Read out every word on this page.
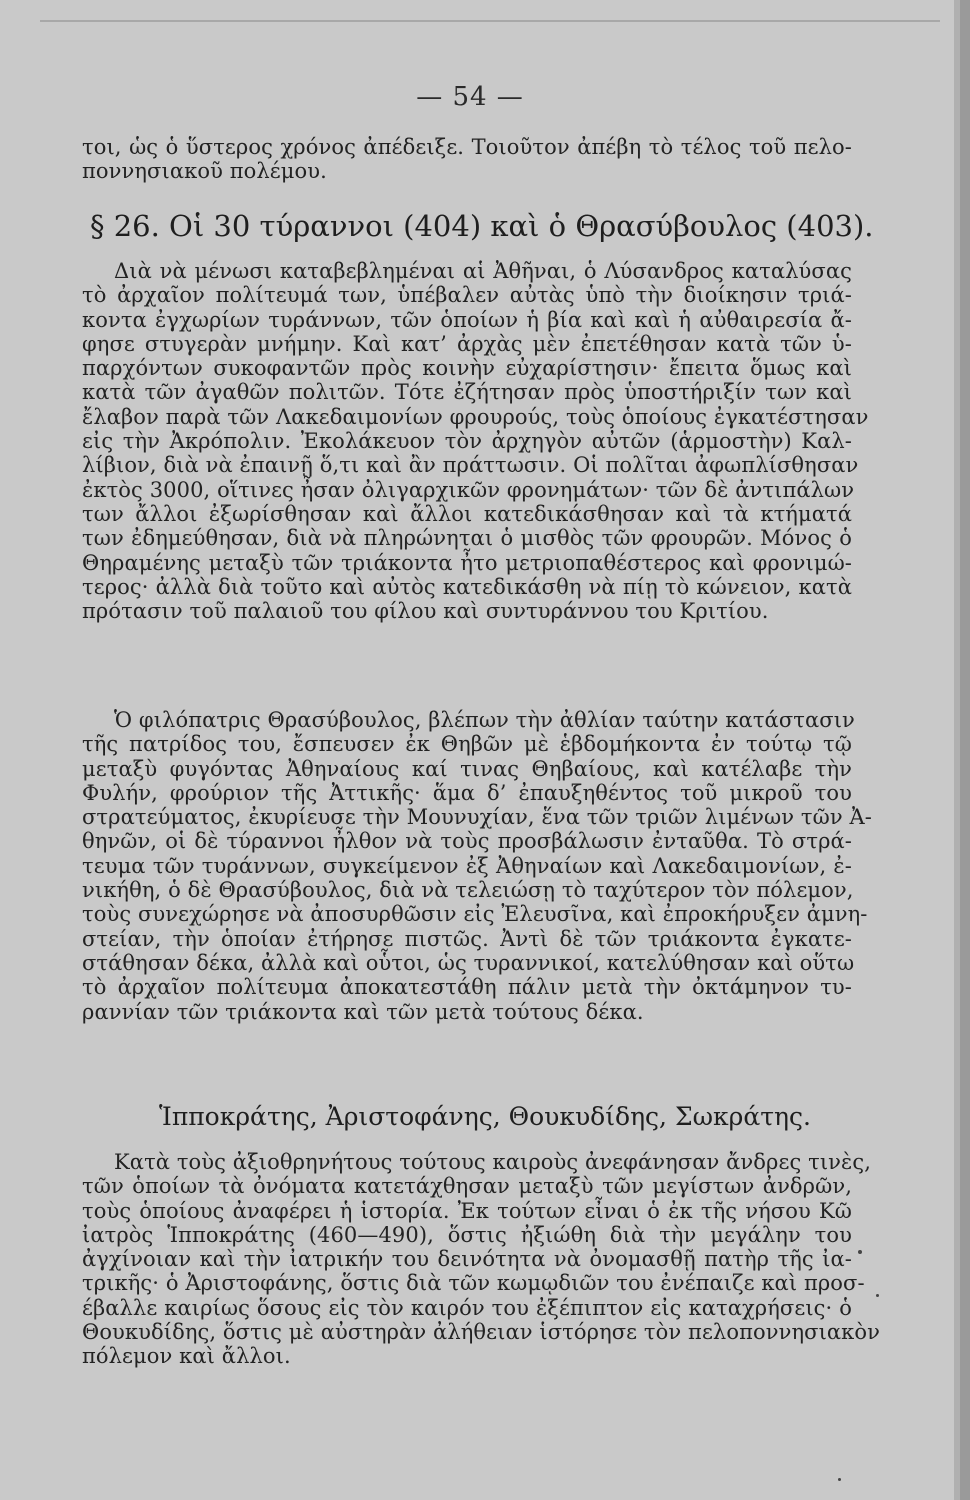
— 54 —
τοι, ὡς ὁ ὕστερος χρόνος ἀπέδειξε. Τοιοῦτον ἀπέβη τὸ τέλος τοῦ πελο-
ποννησιακοῦ πολέμου.
§ 26. Οἱ 30 τύραννοι (404) καὶ ὁ Θρασύβουλος (403).
Διὰ νὰ μένωσι καταβεβλημέναι αἱ Ἀθῆναι, ὁ Λύσανδρος καταλύσας
τὸ ἀρχαῖον πολίτευμά των, ὑπέβαλεν αὐτὰς ὑπὸ τὴν διοίκησιν τριά-
κοντα ἐγχωρίων τυράννων, τῶν ὁποίων ἡ βία καὶ καὶ ἡ αὐθαιρεσία ἄ-
φησε στυγερὰν μνήμην. Καὶ κατ’ ἀρχὰς μὲν ἐπετέθησαν κατὰ τῶν ὑ-
παρχόντων συκοφαντῶν πρὸς κοινὴν εὐχαρίστησιν· ἔπειτα ὅμως καὶ
κατὰ τῶν ἀγαθῶν πολιτῶν. Τότε ἐζήτησαν πρὸς ὑποστήριξίν των καὶ
ἔλαβον παρὰ τῶν Λακεδαιμονίων φρουρούς, τοὺς ὁποίους ἐγκατέστησαν
εἰς τὴν Ἀκρόπολιν. Ἐκολάκευον τὸν ἀρχηγὸν αὐτῶν (ἁρμοστὴν) Καλ-
λίβιον, διὰ νὰ ἐπαινῇ ὅ,τι καὶ ἂν πράττωσιν. Οἱ πολῖται ἀφωπλίσθησαν
ἐκτὸς 3000, οἵτινες ἦσαν ὀλιγαρχικῶν φρονημάτων· τῶν δὲ ἀντιπάλων
των ἄλλοι ἐξωρίσθησαν καὶ ἄλλοι κατεδικάσθησαν καὶ τὰ κτήματά
των ἐδημεύθησαν, διὰ νὰ πληρώνηται ὁ μισθὸς τῶν φρουρῶν. Μόνος ὁ
Θηραμένης μεταξὺ τῶν τριάκοντα ἦτο μετριοπαθέστερος καὶ φρονιμώ-
τερος· ἀλλὰ διὰ τοῦτο καὶ αὐτὸς κατεδικάσθη νὰ πίῃ τὸ κώνειον, κατὰ
πρότασιν τοῦ παλαιοῦ του φίλου καὶ συντυράννου του Κριτίου.
Ὁ φιλόπατρις Θρασύβουλος, βλέπων τὴν ἀθλίαν ταύτην κατάστασιν
τῆς πατρίδος του, ἔσπευσεν ἐκ Θηβῶν μὲ ἑβδομήκοντα ἐν τούτῳ τῷ
μεταξὺ φυγόντας Ἀθηναίους καί τινας Θηβαίους, καὶ κατέλαβε τὴν
Φυλήν, φρούριον τῆς Ἀττικῆς· ἅμα δ’ ἐπαυξηθέντος τοῦ μικροῦ του
στρατεύματος, ἐκυρίευσε τὴν Μουνυχίαν, ἕνα τῶν τριῶν λιμένων τῶν Ἀ-
θηνῶν, οἱ δὲ τύραννοι ἦλθον νὰ τοὺς προσβάλωσιν ἐνταῦθα. Τὸ στρά-
τευμα τῶν τυράννων, συγκείμενον ἐξ Ἀθηναίων καὶ Λακεδαιμονίων, ἐ-
νικήθη, ὁ δὲ Θρασύβουλος, διὰ νὰ τελειώσῃ τὸ ταχύτερον τὸν πόλεμον,
τοὺς συνεχώρησε νὰ ἀποσυρθῶσιν εἰς Ἐλευσῖνα, καὶ ἐπροκήρυξεν ἀμνη-
στείαν, τὴν ὁποίαν ἐτήρησε πιστῶς. Ἀντὶ δὲ τῶν τριάκοντα ἐγκατε-
στάθησαν δέκα, ἀλλὰ καὶ οὗτοι, ὡς τυραννικοί, κατελύθησαν καὶ οὕτω
τὸ ἀρχαῖον πολίτευμα ἀποκατεστάθη πάλιν μετὰ τὴν ὀκτάμηνον τυ-
ραννίαν τῶν τριάκοντα καὶ τῶν μετὰ τούτους δέκα.
Ἱπποκράτης, Ἀριστοφάνης, Θουκυδίδης, Σωκράτης.
Κατὰ τοὺς ἀξιοθρηνήτους τούτους καιροὺς ἀνεφάνησαν ἄνδρες τινὲς,
τῶν ὁποίων τὰ ὀνόματα κατετάχθησαν μεταξὺ τῶν μεγίστων ἀνδρῶν,
τοὺς ὁποίους ἀναφέρει ἡ ἱστορία. Ἐκ τούτων εἶναι ὁ ἐκ τῆς νήσου Κῶ
ἰατρὸς Ἱπποκράτης (460—490), ὅστις ἠξιώθη διὰ τὴν μεγάλην του
ἀγχίνοιαν καὶ τὴν ἰατρικήν του δεινότητα νὰ ὀνομασθῇ πατὴρ τῆς ἰα-
τρικῆς· ὁ Ἀριστοφάνης, ὅστις διὰ τῶν κωμῳδιῶν του ἐνέπαιζε καὶ προσ-
έβαλλε καιρίως ὅσους εἰς τὸν καιρόν του ἐξέπιπτον εἰς καταχρήσεις· ὁ
Θουκυδίδης, ὅστις μὲ αὐστηρὰν ἀλήθειαν ἱστόρησε τὸν πελοποννησιακὸν
πόλεμον καὶ ἄλλοι.
